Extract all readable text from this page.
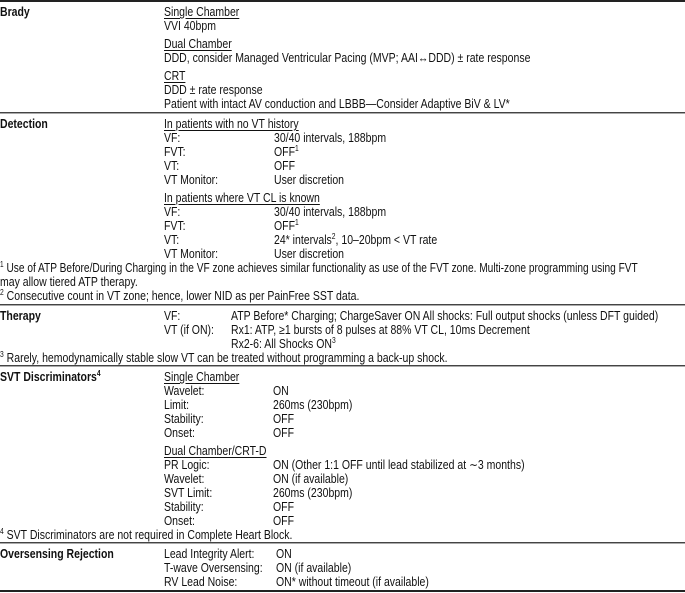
Brady	Single Chamber
VVI 40bpm
Dual Chamber
DDD, consider Managed Ventricular Pacing (MVP; AAI↔DDD) ± rate response
CRT
DDD ± rate response
Patient with intact AV conduction and LBBB—Consider Adaptive BiV & LV*
Detection	In patients with no VT history
VF:	30/40 intervals, 188bpm
FVT:	OFF$^1$
VT:	OFF
VT Monitor:	User discretion
In patients where VT CL is known
VF:	30/40 intervals, 188bpm
FVT:	OFF$^1$
VT:	24* intervals$^2$, 10–20bpm < VT rate
VT Monitor:	User discretion
$^1$ Use of ATP Before/During Charging in the VF zone achieves similar functionality as use of the FVT zone. Multi-zone programming using FVT
may allow tiered ATP therapy.
$^2$ Consecutive count in VT zone; hence, lower NID as per PainFree SST data.
Therapy	VF:	ATP Before* Charging; ChargeSaver ON All shocks: Full output shocks (unless DFT guided)
VT (if ON): Rx1: ATP, ≥1 bursts of 8 pulses at 88% VT CL, 10ms Decrement
Rx2-6: All Shocks $ON^3$
$^3$ Rarely, hemodynamically stable slow VT can be treated without programming a back-up shock.
SVT Discriminators$^4$	Single Chamber
Wavelet:	ON
Limit:	260ms (230bpm)
Stability:	OFF
Onset:	OFF
Dual Chamber/CRT-D
PR Logic:	ON (Other 1:1 OFF until lead stabilized at ∼3 months)
Wavelet:	ON (if available)
SVT Limit:	260ms (230bpm)
Stability:	OFF
Onset:	OFF
$^4$ SVT Discriminators are not required in Complete Heart Block.
Oversensing Rejection	Lead Integrity Alert: ON
T-wave Oversensing: ON (if available)
RV Lead Noise:	ON* without timeout (if available)
